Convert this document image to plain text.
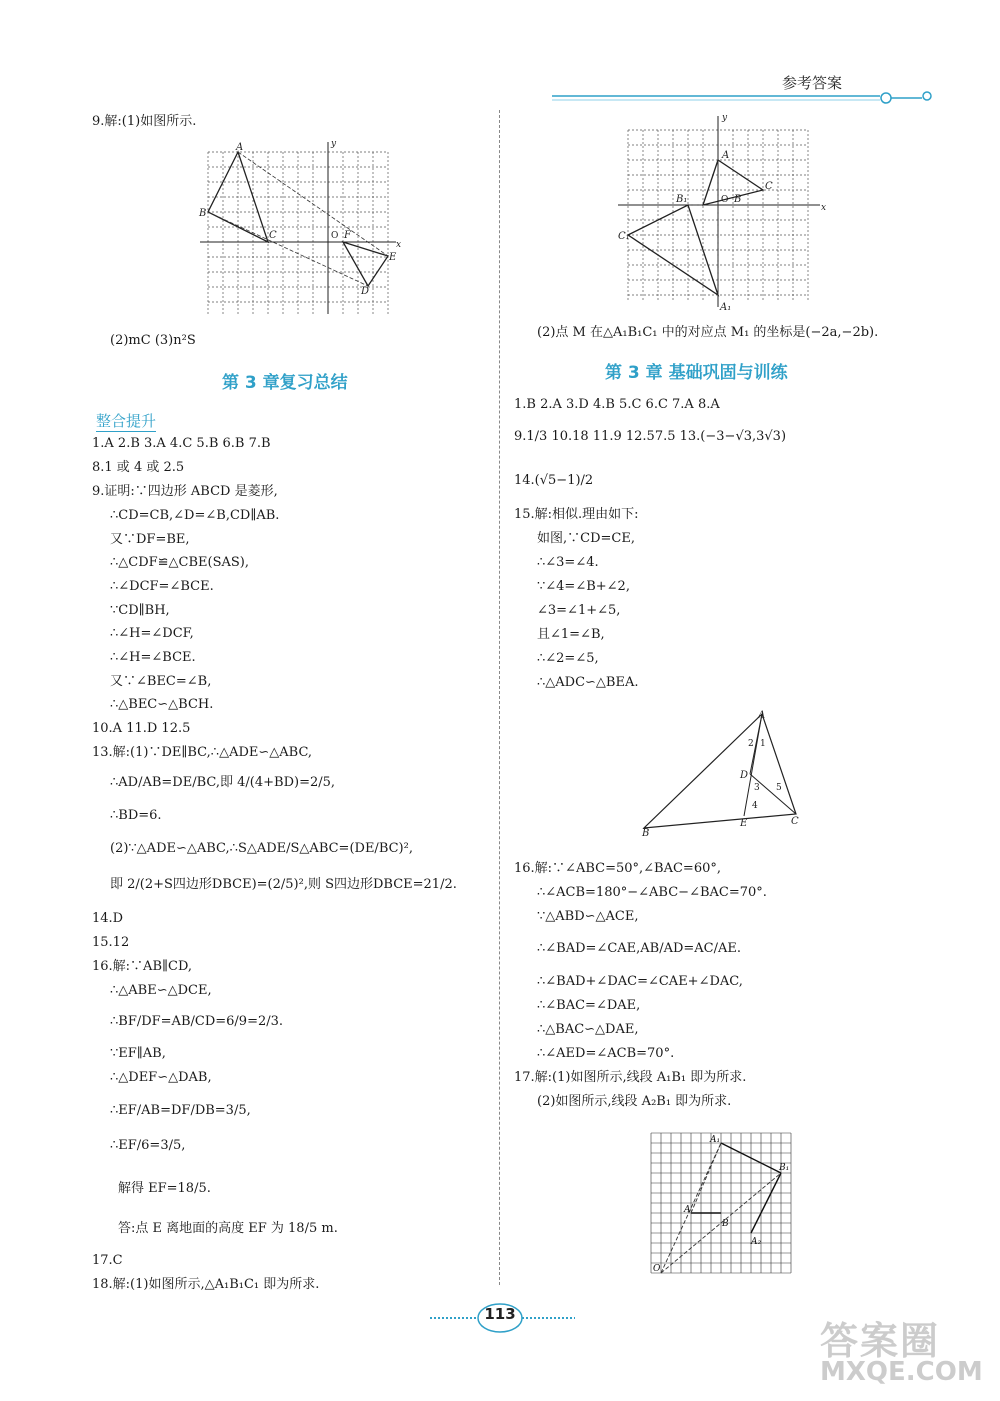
参考答案
9.解:(1)如图所示.
A
B
C
E
D
F
O
y
x
(2)mC (3)n²S
第 3 章复习总结
整合提升
1.A 2.B 3.A 4.C 5.B 6.B 7.B
8.1 或 4 或 2.5
9.证明:∵四边形 ABCD 是菱形,
∴CD=CB,∠D=∠B,CD∥AB.
又∵DF=BE,
∴△CDF≌△CBE(SAS),
∴∠DCF=∠BCE.
∵CD∥BH,
∴∠H=∠DCF,
∴∠H=∠BCE.
又∵∠BEC=∠B,
∴△BEC∽△BCH.
10.A 11.D 12.5
13.解:(1)∵DE∥BC,∴△ADE∽△ABC,
∴AD/AB=DE/BC,即 4/(4+BD)=2/5,
∴BD=6.
(2)∵△ADE∽△ABC,∴S△ADE/S△ABC=(DE/BC)²,
即 2/(2+S四边形DBCE)=(2/5)²,则 S四边形DBCE=21/2.
14.D
15.12
16.解:∵AB∥CD,
∴△ABE∽△DCE,
∴BF/DF=AB/CD=6/9=2/3.
∵EF∥AB,
∴△DEF∽△DAB,
∴EF/AB=DF/DB=3/5,
∴EF/6=3/5,
解得 EF=18/5.
答:点 E 离地面的高度 EF 为 18/5 m.
17.C
18.解:(1)如图所示,△A₁B₁C₁ 即为所求.
A
B
C
B₁
C₁
A₁
O
y
x
(2)点 M 在△A₁B₁C₁ 中的对应点 M₁ 的坐标是(−2a,−2b).
第 3 章 基础巩固与训练
1.B 2.A 3.D 4.B 5.C 6.C 7.A 8.A
9.1/3 10.18 11.9 12.57.5 13.(−3−√3,3√3)
14.(√5−1)/2
15.解:相似.理由如下:
如图,∵CD=CE,
∴∠3=∠4.
∵∠4=∠B+∠2,
∠3=∠1+∠5,
且∠1=∠B,
∴∠2=∠5,
∴△ADC∽△BEA.
A
B
C
D
E
2 1
3
4
5
16.解:∵∠ABC=50°,∠BAC=60°,
∴∠ACB=180°−∠ABC−∠BAC=70°.
∵△ABD∽△ACE,
∴∠BAD=∠CAE,AB/AD=AC/AE.
∴∠BAD+∠DAC=∠CAE+∠DAC,
∴∠BAC=∠DAE,
∴△BAC∽△DAE,
∴∠AED=∠ACB=70°.
17.解:(1)如图所示,线段 A₁B₁ 即为所求.
(2)如图所示,线段 A₂B₁ 即为所求.
A₁
B₁
A
B
A₂
O
113
答案圈
MXQE.COM
